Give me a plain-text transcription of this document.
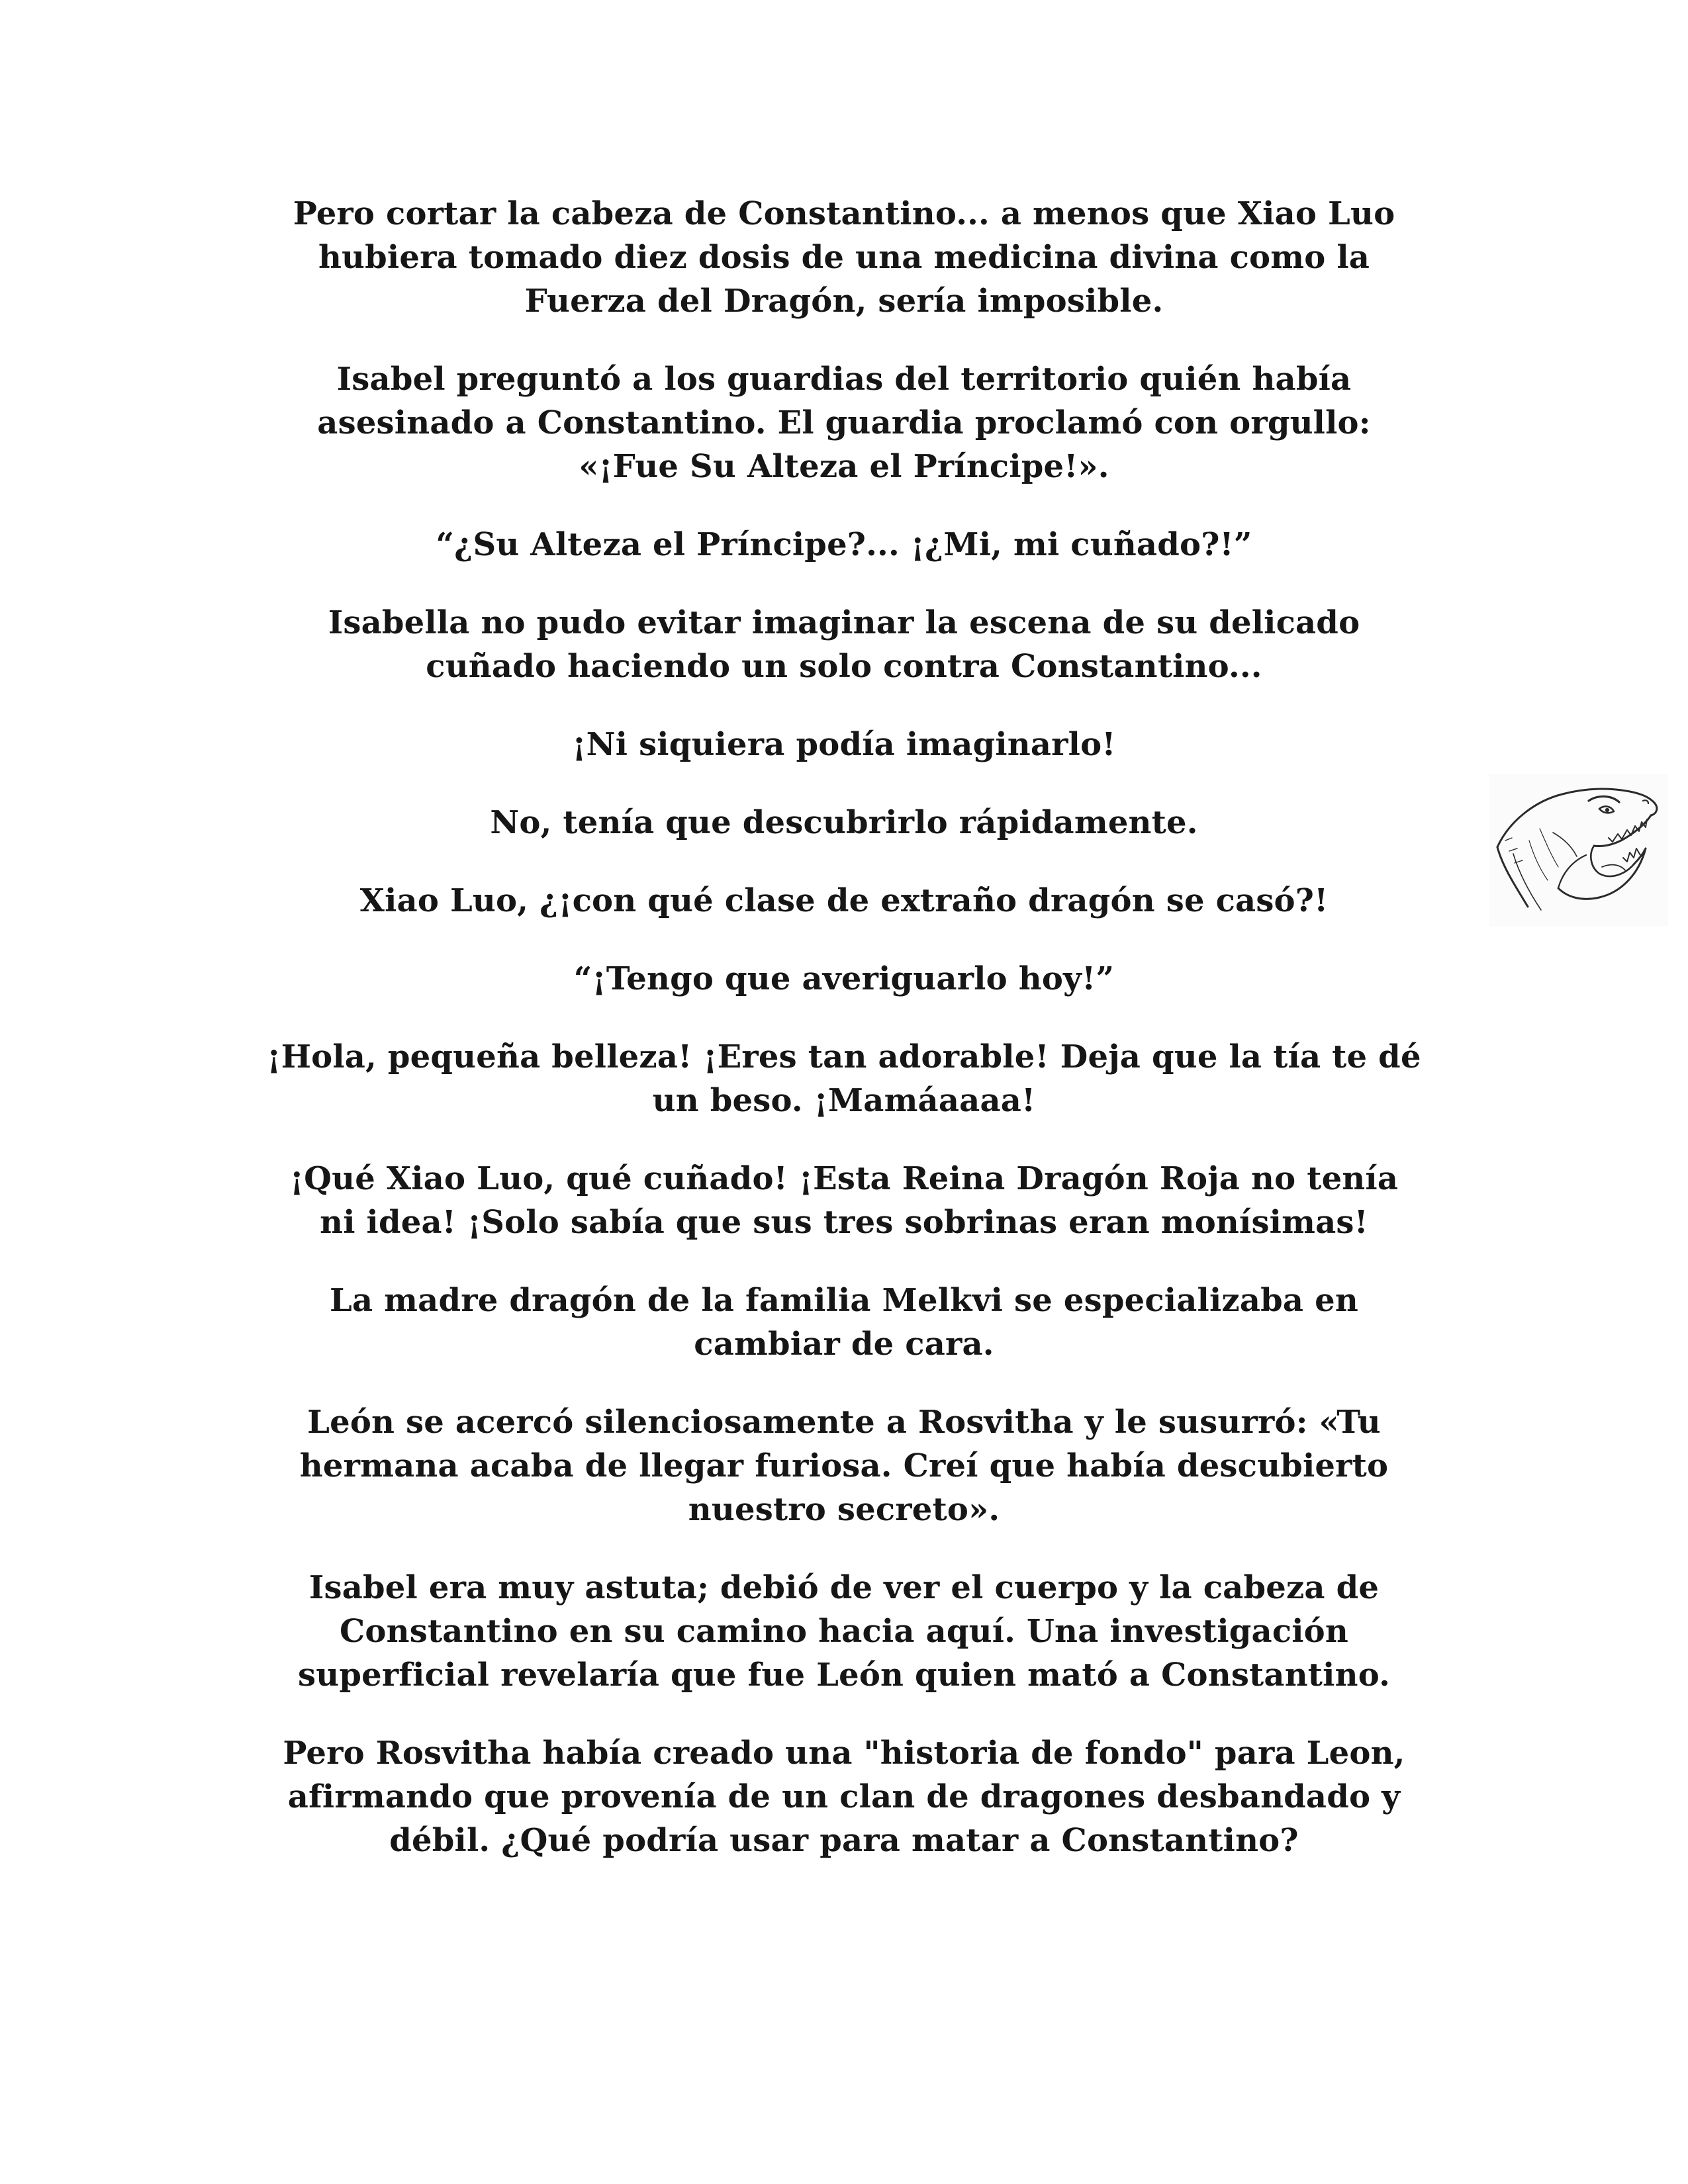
Pero cortar la cabeza de Constantino... a menos que Xiao Luo
hubiera tomado diez dosis de una medicina divina como la
Fuerza del Dragón, sería imposible.

Isabel preguntó a los guardias del territorio quién había
asesinado a Constantino. El guardia proclamó con orgullo:
«¡Fue Su Alteza el Príncipe!».

“¿Su Alteza el Príncipe?... ¡¿Mi, mi cuñado?!”

Isabella no pudo evitar imaginar la escena de su delicado
cuñado haciendo un solo contra Constantino...

¡Ni siquiera podía imaginarlo!

No, tenía que descubrirlo rápidamente.

Xiao Luo, ¿¡con qué clase de extraño dragón se casó?!

“¡Tengo que averiguarlo hoy!”

¡Hola, pequeña belleza! ¡Eres tan adorable! Deja que la tía te dé
un beso. ¡Mamáaaaa!

¡Qué Xiao Luo, qué cuñado! ¡Esta Reina Dragón Roja no tenía
ni idea! ¡Solo sabía que sus tres sobrinas eran monísimas!

La madre dragón de la familia Melkvi se especializaba en
cambiar de cara.

León se acercó silenciosamente a Rosvitha y le susurró: «Tu
hermana acaba de llegar furiosa. Creí que había descubierto
nuestro secreto».

Isabel era muy astuta; debió de ver el cuerpo y la cabeza de
Constantino en su camino hacia aquí. Una investigación
superficial revelaría que fue León quien mató a Constantino.

Pero Rosvitha había creado una "historia de fondo" para Leon,
afirmando que provenía de un clan de dragones desbandado y
débil. ¿Qué podría usar para matar a Constantino?
